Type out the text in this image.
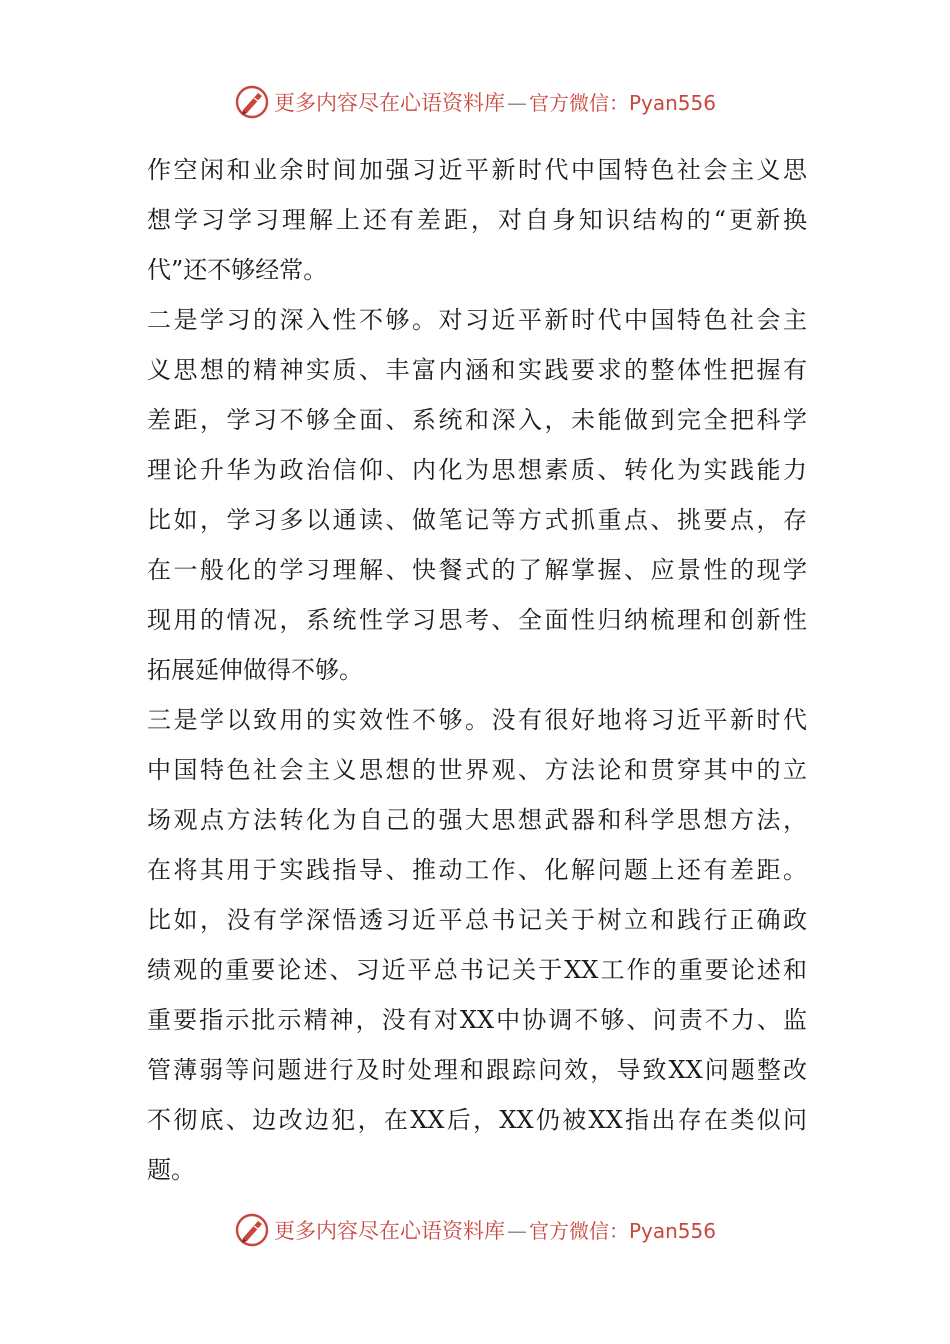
更多内容尽在心语资料库 — 官方微信：Pyan556
作空闲和业余时间加强习近平新时代中国特色社会主义思
想学习学习理解上还有差距，对自身知识结构的“更新换
代”还不够经常。
二是学习的深入性不够。对习近平新时代中国特色社会主
义思想的精神实质、丰富内涵和实践要求的整体性把握有
差距，学习不够全面、系统和深入，未能做到完全把科学
理论升华为政治信仰、内化为思想素质、转化为实践能力
比如，学习多以通读、做笔记等方式抓重点、挑要点，存
在一般化的学习理解、快餐式的了解掌握、应景性的现学
现用的情况，系统性学习思考、全面性归纳梳理和创新性
拓展延伸做得不够。
三是学以致用的实效性不够。没有很好地将习近平新时代
中国特色社会主义思想的世界观、方法论和贯穿其中的立
场观点方法转化为自己的强大思想武器和科学思想方法，
在将其用于实践指导、推动工作、化解问题上还有差距。
比如，没有学深悟透习近平总书记关于树立和践行正确政
绩观的重要论述、习近平总书记关于XX工作的重要论述和
重要指示批示精神，没有对XX中协调不够、问责不力、监
管薄弱等问题进行及时处理和跟踪问效，导致XX问题整改
不彻底、边改边犯，在XX后，XX仍被XX指出存在类似问
题。
更多内容尽在心语资料库 — 官方微信：Pyan556
